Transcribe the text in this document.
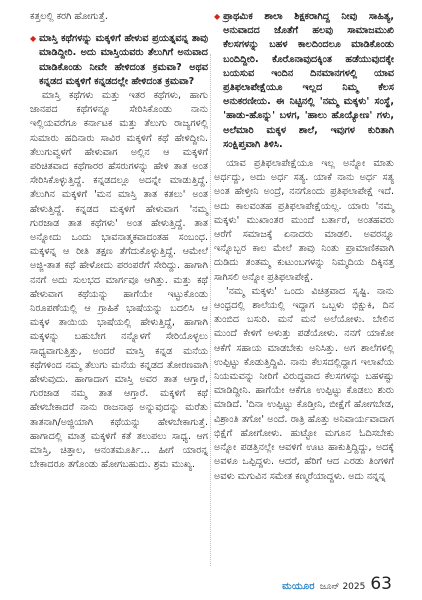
ಕತ್ತಲಲ್ಲಿ ಕರಗಿ ಹೋಗುತ್ತೆ.

◆ ಮಾಸ್ತಿ ಕಥೆಗಳನ್ನು ಮಕ್ಕಳಿಗೆ ಹೇಳುವ ಪ್ರಯತ್ನವನ್ನ ತಾವು ಮಾಡಿದ್ದೀರಿ. ಅದು ಮಾಸ್ತಿಯವರು ತೆಲುಗಿಗೆ ಅನುವಾದ ಮಾಡಿಕೊಂಡು ನೀವೇ ಹೇಳಿದಂತ ಕ್ರಮವಾ? ಅಥವ ಕನ್ನಡದ ಮಕ್ಕಳಿಗೆ ಕನ್ನಡದಲ್ಲೇ ಹೇಳಿದಂತ ಕ್ರಮವಾ?

ಮಾಸ್ತಿ ಕಥೆಗಳು ಮತ್ತು ಇತರ ಕಥೆಗಳು, ಹಾಗು ಜಾನಪದ ಕಥೆಗಳನ್ನೂ ಸೇರಿಸಿಕೊಂಡು ನಾನು ಇಲ್ಲಿಯವರೆಗೂ ಕರ್ನಾಟಕ ಮತ್ತು ತೆಲುಗು ರಾಜ್ಯಗಳಲ್ಲಿ ಸುಮಾರು ಹದಿನಾರು ಸಾವಿರ ಮಕ್ಕಳಿಗೆ ಕಥೆ ಹೇಳಿದ್ದೀನಿ. ತೆಲುಗುವ್ವಳಗೆ ಹೇಳುವಾಗ ಅಲ್ಲಿನ ಆ ಮಕ್ಕಳಿಗೆ ಪರಿಚಿತವಾದ ಕಥೆಗಾರರ ಹೆಸರುಗಳನ್ನು ಹೇಳಿ ತಾತ ಅಂತ ಸೇರಿಸಿಕೊಳ್ಳುತ್ತಿದ್ದೆ. ಕನ್ನಡದಲ್ಲೂ ಅದನ್ನೇ ಮಾಡುತ್ತಿದ್ದೆ. ತೆಲುಗಿನ ಮಕ್ಕಳಿಗೆ 'ಮನ ಮಾಸ್ತಿ ತಾತ ಕತಲು' ಅಂತ ಹೇಳುತ್ತಿದ್ದೆ. ಕನ್ನಡದ ಮಕ್ಕಳಿಗೆ ಹೇಳುವಾಗ 'ನಮ್ಮ ಗುರಜಾಡ ತಾತ ಕಥೆಗಳು' ಅಂತ ಹೇಳುತ್ತಿದ್ದೆ. ತಾತ ಅನ್ನೋದು ಒಂದು ಭಾವನಾತ್ಮಕವಾದಂತಹ ಸಂಬಂಧ. ಮಕ್ಕಳನ್ನ ಆ ರೀತಿ ತಕ್ಷಣ ತೆಗೆದುಕೊಳ್ಳುತ್ತಿದ್ದೆ. ಆಮೇಲೆ ಅಜ್ಜಿ-ತಾತ ಕಥೆ ಹೇಳೋದು ಪರಂಪರೆಗೆ ಸೇರಿದ್ದು. ಹಾಗಾಗಿ ನನಗೆ ಅದು ಸುಲಭದ ಮಾರ್ಗವೂ ಆಗಿತ್ತು. ಮತ್ತು ಕಥೆ ಹೇಳುವಾಗ ಕಥೆಯನ್ನು ಹಾಗೆಯೇ ಇಟ್ಟುಕೊಂಡು ನಿರೂಪಣೆಯಲ್ಲಿ ಆ ಗ್ರಾಹಿಕೆ ಭಾಷೆಯನ್ನು ಬದಲಿಸಿ ಆ ಮಕ್ಕಳ ತಾಯಿಯ ಭಾಷೆಯಲ್ಲಿ ಹೇಳುತ್ತಿದ್ದೆ, ಹಾಗಾಗಿ ಮಕ್ಕಳನ್ನು ಬಹುಬೇಗ ನನ್ನೊಳಗೆ ಸೇರಿಯೊಳ್ಳಲು ಸಾಧ್ಯವಾಗುತ್ತಿತ್ತು, ಅಂದರೆ ಮಾಸ್ತಿ ಕನ್ನಡ ಮನೆಯ ಕಥೆಗಳಿಂದ ನಮ್ಮ ತೆಲುಗು ಮನೆಯ ಕನ್ನಡದ ತೋರಣವಾಗಿ ಹೇಳುವುದು. ಹಾಗಾದಾಗ ಮಾಸ್ತಿ ಅವರ ತಾತ ಆಗ್ತಾರೆ, ಗುರಜಾಡ ನಮ್ಮ ತಾತ ಆಗ್ತಾರೆ. ಮಕ್ಕಳಿಗೆ ಕಥೆ ಹೇಳಬೇಕಾದರೆ ನಾನು ರಾಜನಾಥ ಅನ್ನುವುದನ್ನು ಮರೆತು ತಾತನಾಗಿ/ಅಜ್ಜಿಯಾಗಿ ಕಥೆಯನ್ನು ಹೇಳಬೇಕಾಗುತ್ತೆ. ಹಾಗಾದಲ್ಲಿ ಮಾತ್ರ ಮಕ್ಕಳಿಗೆ ಕತೆ ತಲುಪಲು ಸಾಧ್ಯ. ಆಗ ಮಾಸ್ತಿ, ಚಿತ್ತಾಲ, ಆನಂತಮೂರ್ತಿ... ಹೀಗೆ ಯಾರನ್ನ ಬೇಕಾದರೂ ತಗೊಂಡು ಹೋಗಬಹುದು. ಶ್ರಮ ಮುಖ್ಯ.

◆ ಪ್ರಾಥಮಿಕ ಶಾಲಾ ಶಿಕ್ಷಕರಾಗಿದ್ದ ನೀವು ಸಾಹಿತ್ಯ, ಅನುವಾದದ ಜೊತೆಗೆ ಹಲವು ಸಾಮಾಜಮುಖಿ ಕೆಲಸಗಳನ್ನು ಬಹಳ ಕಾಲದಿಂದಲೂ ಮಾಡಿಕೊಂಡು ಬಂದಿದ್ದೀರಿ. ಕೊರೊನಾವುದಕ್ಕಿಂತ ಹಡೆಯುವುದಕ್ಕೇ ಬಯಸುವ ಇಂದಿನ ದಿನಮಾನಗಳಲ್ಲಿ ಯಾವ ಪ್ರತಿಫಲಾಪೇಕ್ಷೆಯೂ ಇಲ್ಲದ ನಿಮ್ಮ ಕೆಲಸ ಅನುಕರಣೀಯ. ಈ ನಿಟ್ಟಿನಲ್ಲಿ 'ನಮ್ಮ ಮಕ್ಕಳು' ಸಂಸ್ಥೆ, 'ಹಾಡು-ಹೊನ್ನು' ಬಳಗ, 'ಹಾಲು ಹೊಯ್ಯೋಣ' ಗಳು, ಅಲೆಮಾರಿ ಮಕ್ಕಳ ಶಾಲೆ, ಇವುಗಳ ಕುರಿತಾಗಿ ಸಂಕ್ಷಿಪ್ತವಾಗಿ ತಿಳಿಸಿ.

ಯಾವ ಪ್ರತಿಫಲಾಪೇಕ್ಷೆಯೂ ಇಲ್ಲ ಅನ್ನೋ ಮಾತು ಅರ್ಧದ್ದು, ಅದು ಅರ್ಧ ಸತ್ಯ. ಯಾಕೆ ನಾನು ಅರ್ಧ ಸತ್ಯ ಅಂತ ಹೇಳ್ತೀನಿ ಅಂದ್ರೆ, ನನಗೊಂದು ಪ್ರತಿಫಲಾಪೇಕ್ಷೆ ಇದೆ. ಅದು ಕಾಲವಂತಹ ಪ್ರತಿಫಲಾಪೇಕ್ಷೆಯಲ್ಲ. ಯಾರು 'ನಮ್ಮ ಮಕ್ಕಳು' ಮುಖಾಂತರ ಮುಂದೆ ಬರ್ತಾರೆ, ಅಂತಹವರು ಆರೆಗೆ ಸಮಾಜಕ್ಕೆ ಏನಾದರು ಮಾಡಲಿ. ಅವರನ್ನೂ ಇನ್ನೊಬ್ಬರ ಕಾಲ ಮೇಲೆ ತಾವು ನಿಂತು ಪ್ರಾಮಾಣಿಕವಾಗಿ ದುಡಿದು ತಂತಮ್ಮ ಕುಟುಂಬಗಳನ್ನು ನಿಮ್ಮದಿಯ ದಿಕ್ಕಿನತ್ತ ಸಾಗಿಸಲಿ ಅನ್ನೋ ಪ್ರತಿಫಲಾಪೇಕ್ಷೆ.

'ನಮ್ಮ ಮಕ್ಕಳು' ಒಂದು ವಿಚಿತ್ರವಾದ ಸೃಷ್ಟಿ. ನಾನು ಆಂಧ್ರದಲ್ಲಿ ಶಾಲೆಯಲ್ಲಿ ಇದ್ದಾಗ ಒಬ್ಬಳು ಭಿಕ್ಷುಕಿ, ದಿನ ತುಂಬಿದ ಬಸುರಿ. ಮನೆ ಮನೆ ಅಲೆಯೋಳು. ಬೇಲಿನ ಮುಂದೆ ಕೇಳಿಗೆ ಅಳುತ್ತು ಪಡೆಯೋಳು. ನನಗೆ ಯಾಕೋ ಆಕೆಗೆ ಸಹಾಯ ಮಾಡಬೇಕು ಅನಿಸಿತ್ತು. ಅಗ ಶಾಲೆಗಳಲ್ಲಿ ಉಪ್ಪಿಟ್ಟು ಕೊಡುತ್ತಿದ್ದಿವಿ. ನಾನು ಕೆಲಸದಲ್ಲಿದ್ದಾಗ ಇಲಾಖೆಯ ನಿಯಮವನ್ನು ನೀರಿಗೆ ವಿರುದ್ಧವಾದ ಕೆಲಸಗಳನ್ನು ಬಹಳಷ್ಟು ಮಾಡಿದ್ದೀನಿ. ಹಾಗೆಯೇ ಆಕೆಗೂ ಉಪ್ಪಿಟ್ಟು ಕೊಡಲು ಶುರು ಮಾಡಿದೆ. 'ದಿನಾ ಉಪ್ಪಿಟ್ಟು ಕೊಡ್ತೀನಿ, ಬೀಕ್ಷೆಗೆ ಹೋಗಬೇಡ, ವಿಶ್ರಾಂತಿ ತಗೋ' ಅಂದೆ. ರಾತ್ರಿ ಹೊತ್ತು ಅನಿವಾರ್ಯವಾದಾಗ ಭಿಕ್ಷೆಗೆ ಹೋಗೋಳು. ಹುಟ್ಟೋ ಮಗೂನ ಓದಿಸಬೇಕು ಅನ್ನೋ ಪಡತ್ತಿನಲ್ಲೇ ಆವಳಿಗೆ ಊಟ ಹಾಕುತ್ತಿದ್ದಿದ್ದು, ಅದಕ್ಕೆ ಅವಳೂ ಒಪ್ಪಿದ್ದಳು. ಆದರೆ, ಹೆರಿಗೆ ಆದ ಎರಡು ತಿಂಗಳಿಗೆ ಅವಳು ಮಗುವಿನ ಸಮೇತ ಕಣ್ಮರೆಯಾದ್ದಳು. ಅದು ನನ್ನನ್ನ

ಮಯೂರ ಜೂನ್ 2025 63
